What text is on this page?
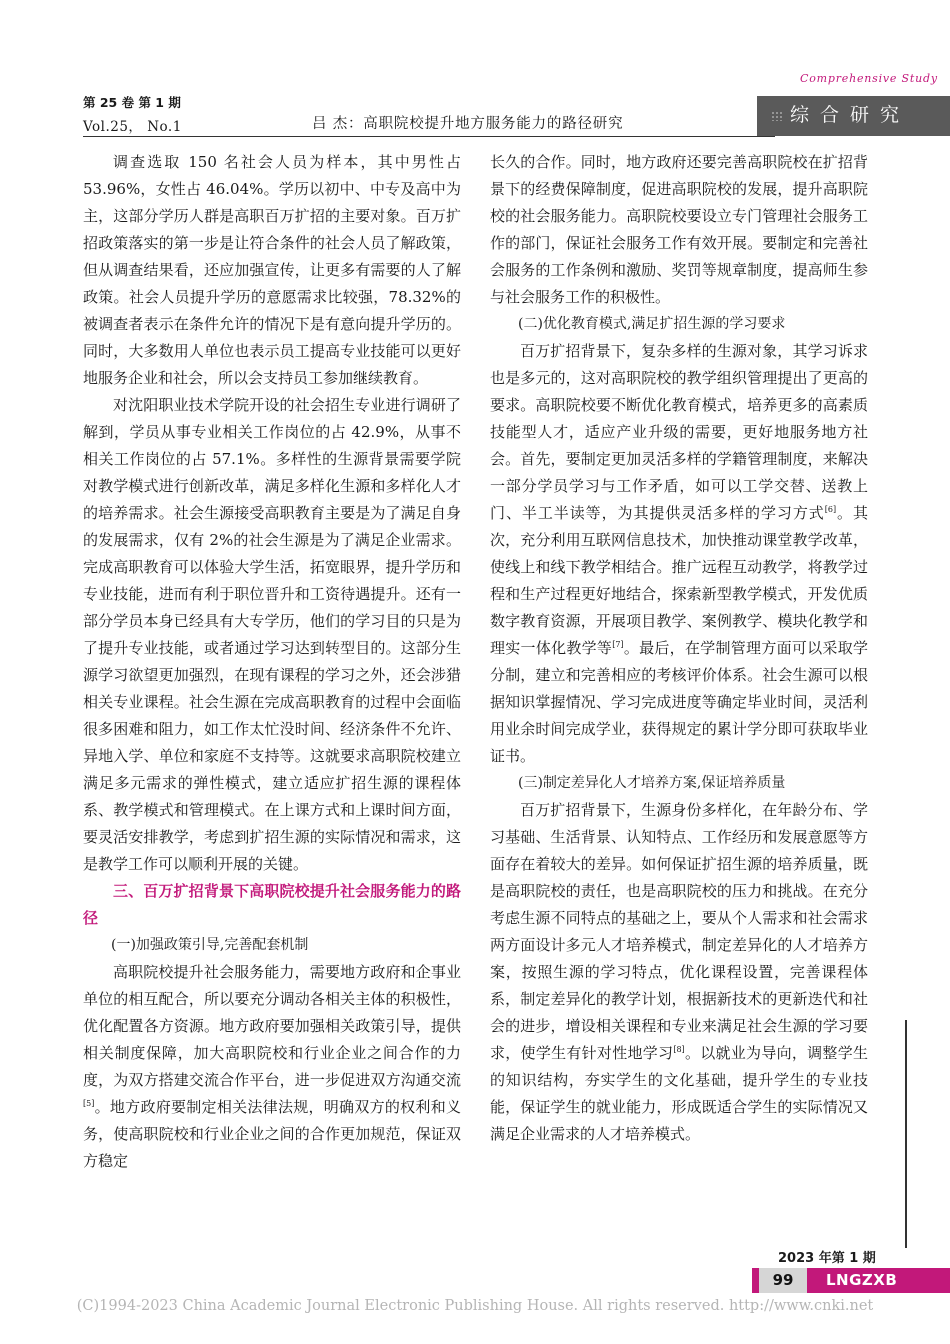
第 25 卷 第 1 期
Vol.25， No.1	吕 杰：高职院校提升地方服务能力的路径研究
Comprehensive Study
综合研究

调查选取 150 名社会人员为样本，其中男性占 53.96%，女性占 46.04%。学历以初中、中专及高中为主，这部分学历人群是高职百万扩招的主要对象。百万扩招政策落实的第一步是让符合条件的社会人员了解政策，但从调查结果看，还应加强宣传，让更多有需要的人了解政策。社会人员提升学历的意愿需求比较强，78.32%的被调查者表示在条件允许的情况下是有意向提升学历的。同时，大多数用人单位也表示员工提高专业技能可以更好地服务企业和社会，所以会支持员工参加继续教育。

对沈阳职业技术学院开设的社会招生专业进行调研了解到，学员从事专业相关工作岗位的占 42.9%，从事不相关工作岗位的占 57.1%。多样性的生源背景需要学院对教学模式进行创新改革，满足多样化生源和多样化人才的培养需求。社会生源接受高职教育主要是为了满足自身的发展需求，仅有 2%的社会生源是为了满足企业需求。完成高职教育可以体验大学生活，拓宽眼界，提升学历和专业技能，进而有利于职位晋升和工资待遇提升。还有一部分学员本身已经具有大专学历，他们的学习目的只是为了提升专业技能，或者通过学习达到转型目的。这部分生源学习欲望更加强烈，在现有课程的学习之外，还会涉猎相关专业课程。社会生源在完成高职教育的过程中会面临很多困难和阻力，如工作太忙没时间、经济条件不允许、异地入学、单位和家庭不支持等。这就要求高职院校建立满足多元需求的弹性模式，建立适应扩招生源的课程体系、教学模式和管理模式。在上课方式和上课时间方面，要灵活安排教学，考虑到扩招生源的实际情况和需求，这是教学工作可以顺利开展的关键。

三、百万扩招背景下高职院校提升社会服务能力的路径

(一)加强政策引导,完善配套机制

高职院校提升社会服务能力，需要地方政府和企事业单位的相互配合，所以要充分调动各相关主体的积极性，优化配置各方资源。地方政府要加强相关政策引导，提供相关制度保障，加大高职院校和行业企业之间合作的力度，为双方搭建交流合作平台，进一步促进双方沟通交流[5]。地方政府要制定相关法律法规，明确双方的权利和义务，使高职院校和行业企业之间的合作更加规范，保证双方稳定

长久的合作。同时，地方政府还要完善高职院校在扩招背景下的经费保障制度，促进高职院校的发展，提升高职院校的社会服务能力。高职院校要设立专门管理社会服务工作的部门，保证社会服务工作有效开展。要制定和完善社会服务的工作条例和激励、奖罚等规章制度，提高师生参与社会服务工作的积极性。

(二)优化教育模式,满足扩招生源的学习要求

百万扩招背景下，复杂多样的生源对象，其学习诉求也是多元的，这对高职院校的教学组织管理提出了更高的要求。高职院校要不断优化教育模式，培养更多的高素质技能型人才，适应产业升级的需要，更好地服务地方社会。首先，要制定更加灵活多样的学籍管理制度，来解决一部分学员学习与工作矛盾，如可以工学交替、送教上门、半工半读等，为其提供灵活多样的学习方式[6]。其次，充分利用互联网信息技术，加快推动课堂教学改革，使线上和线下教学相结合。推广远程互动教学，将教学过程和生产过程更好地结合，探索新型教学模式，开发优质数字教育资源，开展项目教学、案例教学、模块化教学和理实一体化教学等[7]。最后，在学制管理方面可以采取学分制，建立和完善相应的考核评价体系。社会生源可以根据知识掌握情况、学习完成进度等确定毕业时间，灵活利用业余时间完成学业，获得规定的累计学分即可获取毕业证书。

(三)制定差异化人才培养方案,保证培养质量

百万扩招背景下，生源身份多样化，在年龄分布、学习基础、生活背景、认知特点、工作经历和发展意愿等方面存在着较大的差异。如何保证扩招生源的培养质量，既是高职院校的责任，也是高职院校的压力和挑战。在充分考虑生源不同特点的基础之上，要从个人需求和社会需求两方面设计多元人才培养模式，制定差异化的人才培养方案，按照生源的学习特点，优化课程设置，完善课程体系，制定差异化的教学计划，根据新技术的更新迭代和社会的进步，增设相关课程和专业来满足社会生源的学习要求，使学生有针对性地学习[8]。以就业为导向，调整学生的知识结构，夯实学生的文化基础，提升学生的专业技能，保证学生的就业能力，形成既适合学生的实际情况又满足企业需求的人才培养模式。

2023 年第 1 期
99	LNGZXB
(C)1994-2023 China Academic Journal Electronic Publishing House. All rights reserved. http://www.cnki.net
